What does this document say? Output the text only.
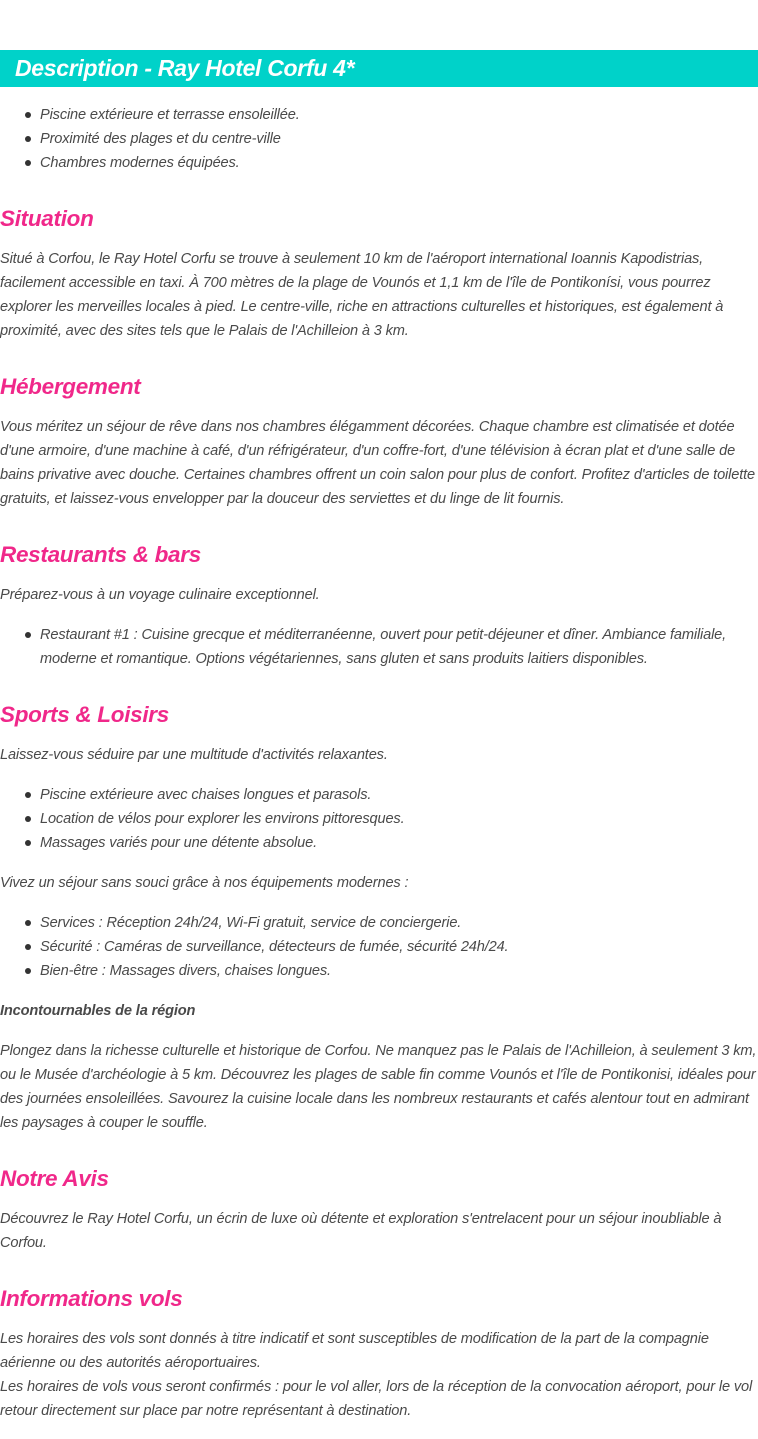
Description - Ray Hotel Corfu 4*
Piscine extérieure et terrasse ensoleillée.
Proximité des plages et du centre-ville
Chambres modernes équipées.
Situation

Situé à Corfou, le Ray Hotel Corfu se trouve à seulement 10 km de l'aéroport international Ioannis Kapodistrias, facilement accessible en taxi. À 700 mètres de la plage de Vounós et 1,1 km de l'île de Pontikonísi, vous pourrez explorer les merveilles locales à pied. Le centre-ville, riche en attractions culturelles et historiques, est également à proximité, avec des sites tels que le Palais de l'Achilleion à 3 km.

Hébergement

Vous méritez un séjour de rêve dans nos chambres élégamment décorées. Chaque chambre est climatisée et dotée d'une armoire, d'une machine à café, d'un réfrigérateur, d'un coffre-fort, d'une télévision à écran plat et d'une salle de bains privative avec douche. Certaines chambres offrent un coin salon pour plus de confort. Profitez d'articles de toilette gratuits, et laissez-vous envelopper par la douceur des serviettes et du linge de lit fournis.

Restaurants & bars

Préparez-vous à un voyage culinaire exceptionnel.

Restaurant #1 : Cuisine grecque et méditerranéenne, ouvert pour petit-déjeuner et dîner. Ambiance familiale, moderne et romantique. Options végétariennes, sans gluten et sans produits laitiers disponibles.
Sports & Loisirs

Laissez-vous séduire par une multitude d'activités relaxantes.

Piscine extérieure avec chaises longues et parasols.
Location de vélos pour explorer les environs pittoresques.
Massages variés pour une détente absolue.

Vivez un séjour sans souci grâce à nos équipements modernes :

Services : Réception 24h/24, Wi-Fi gratuit, service de conciergerie.
Sécurité : Caméras de surveillance, détecteurs de fumée, sécurité 24h/24.
Bien-être : Massages divers, chaises longues.

Incontournables de la région

Plongez dans la richesse culturelle et historique de Corfou. Ne manquez pas le Palais de l'Achilleion, à seulement 3 km, ou le Musée d'archéologie à 5 km. Découvrez les plages de sable fin comme Vounós et l'île de Pontikonisi, idéales pour des journées ensoleillées. Savourez la cuisine locale dans les nombreux restaurants et cafés alentour tout en admirant les paysages à couper le souffle.

Notre Avis

Découvrez le Ray Hotel Corfu, un écrin de luxe où détente et exploration s'entrelacent pour un séjour inoubliable à Corfou.

Informations vols

Les horaires des vols sont donnés à titre indicatif et sont susceptibles de modification de la part de la compagnie aérienne ou des autorités aéroportuaires.
Les horaires de vols vous seront confirmés : pour le vol aller, lors de la réception de la convocation aéroport, pour le vol retour directement sur place par notre représentant à destination.
